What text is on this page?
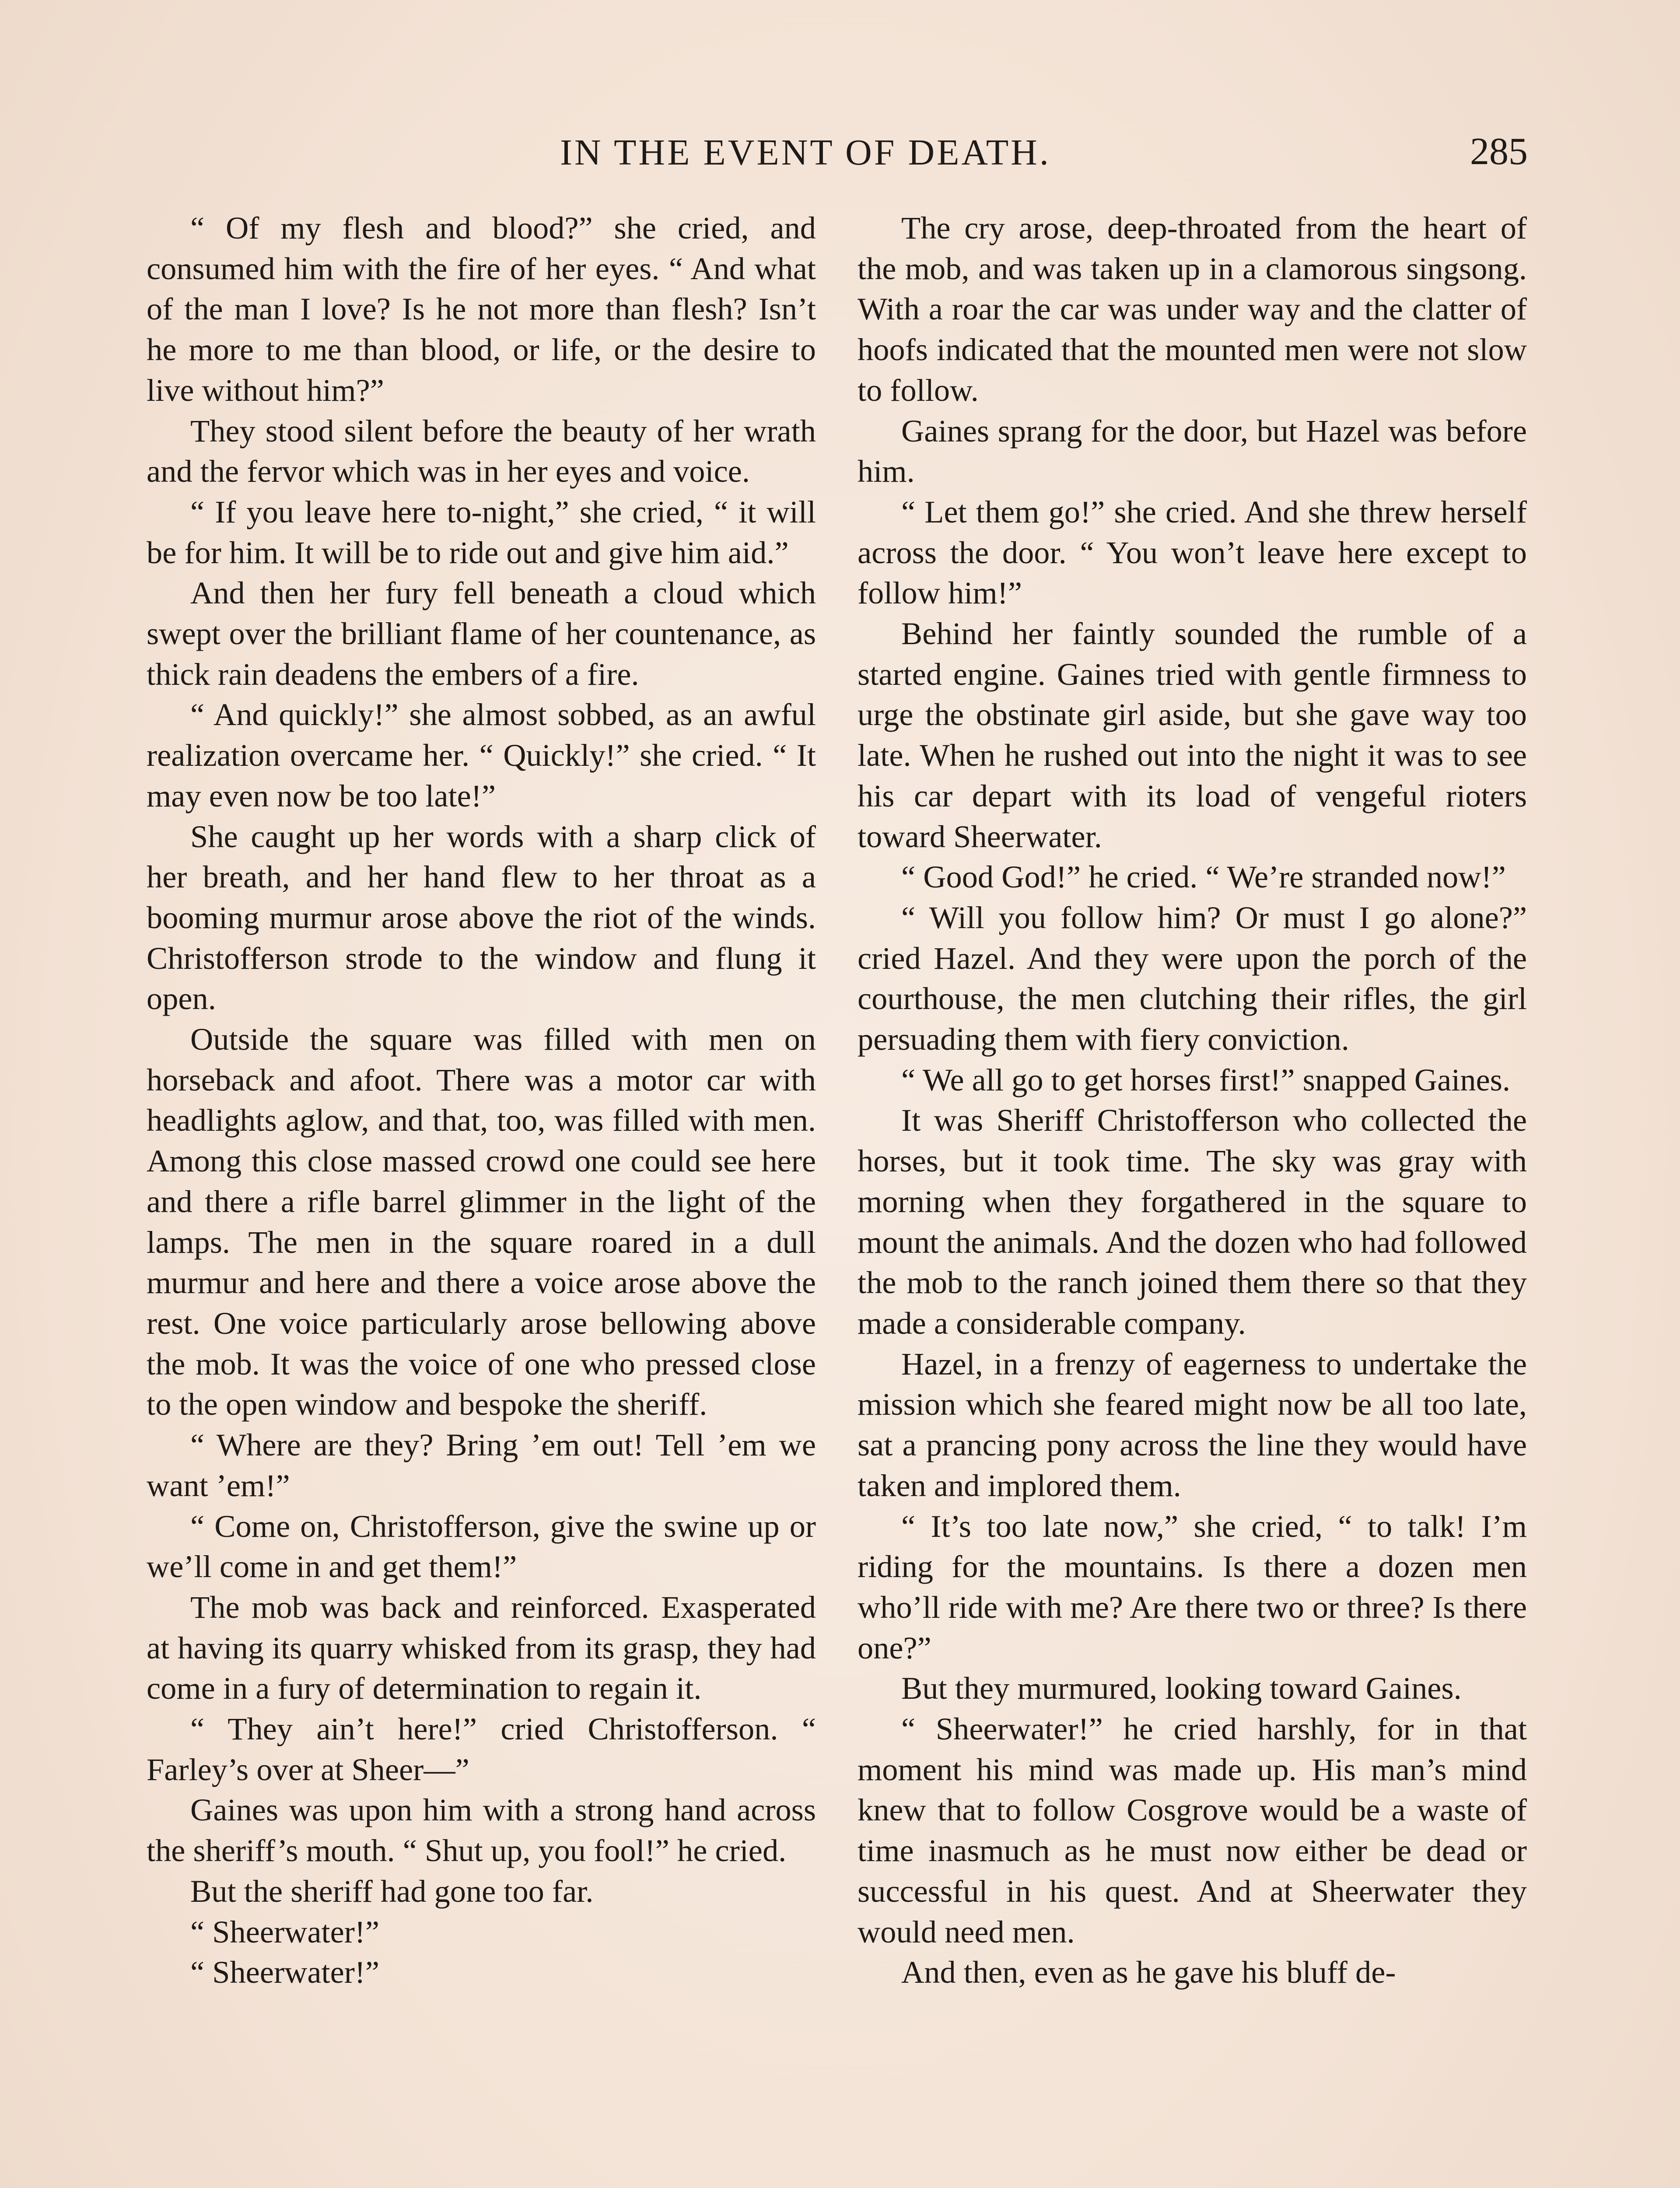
IN THE EVENT OF DEATH.	285

“ Of my flesh and blood?” she cried, and consumed him with the fire of her eyes. “ And what of the man I love? Is he not more than flesh? Isn’t he more to me than blood, or life, or the desire to live without him?”

They stood silent before the beauty of her wrath and the fervor which was in her eyes and voice.

“ If you leave here to-night,” she cried, “ it will be for him. It will be to ride out and give him aid.”

And then her fury fell beneath a cloud which swept over the brilliant flame of her countenance, as thick rain deadens the embers of a fire.

“ And quickly!” she almost sobbed, as an awful realization overcame her. “ Quickly!” she cried. “ It may even now be too late!”

She caught up her words with a sharp click of her breath, and her hand flew to her throat as a booming murmur arose above the riot of the winds. Christofferson strode to the window and flung it open.

Outside the square was filled with men on horseback and afoot. There was a motor car with headlights aglow, and that, too, was filled with men. Among this close massed crowd one could see here and there a rifle barrel glimmer in the light of the lamps. The men in the square roared in a dull murmur and here and there a voice arose above the rest. One voice particularly arose bellowing above the mob. It was the voice of one who pressed close to the open window and bespoke the sheriff.

“ Where are they? Bring ’em out! Tell ’em we want ’em!”

“ Come on, Christofferson, give the swine up or we’ll come in and get them!”

The mob was back and reinforced. Exasperated at having its quarry whisked from its grasp, they had come in a fury of determination to regain it.

“ They ain’t here!” cried Christofferson. “ Farley’s over at Sheer—”

Gaines was upon him with a strong hand across the sheriff’s mouth. “ Shut up, you fool!” he cried.

But the sheriff had gone too far.

“ Sheerwater!”

“ Sheerwater!”

The cry arose, deep-throated from the heart of the mob, and was taken up in a clamorous singsong. With a roar the car was under way and the clatter of hoofs indicated that the mounted men were not slow to follow.

Gaines sprang for the door, but Hazel was before him.

“ Let them go!” she cried. And she threw herself across the door. “ You won’t leave here except to follow him!”

Behind her faintly sounded the rumble of a started engine. Gaines tried with gentle firmness to urge the obstinate girl aside, but she gave way too late. When he rushed out into the night it was to see his car depart with its load of vengeful rioters toward Sheerwater.

“ Good God!” he cried. “ We’re stranded now!”

“ Will you follow him? Or must I go alone?” cried Hazel. And they were upon the porch of the courthouse, the men clutching their rifles, the girl persuading them with fiery conviction.

“ We all go to get horses first!” snapped Gaines.

It was Sheriff Christofferson who collected the horses, but it took time. The sky was gray with morning when they forgathered in the square to mount the animals. And the dozen who had followed the mob to the ranch joined them there so that they made a considerable company.

Hazel, in a frenzy of eagerness to undertake the mission which she feared might now be all too late, sat a prancing pony across the line they would have taken and implored them.

“ It’s too late now,” she cried, “ to talk! I’m riding for the mountains. Is there a dozen men who’ll ride with me? Are there two or three? Is there one?”

But they murmured, looking toward Gaines.

“ Sheerwater!” he cried harshly, for in that moment his mind was made up. His man’s mind knew that to follow Cosgrove would be a waste of time inasmuch as he must now either be dead or successful in his quest. And at Sheerwater they would need men.

And then, even as he gave his bluff de-
